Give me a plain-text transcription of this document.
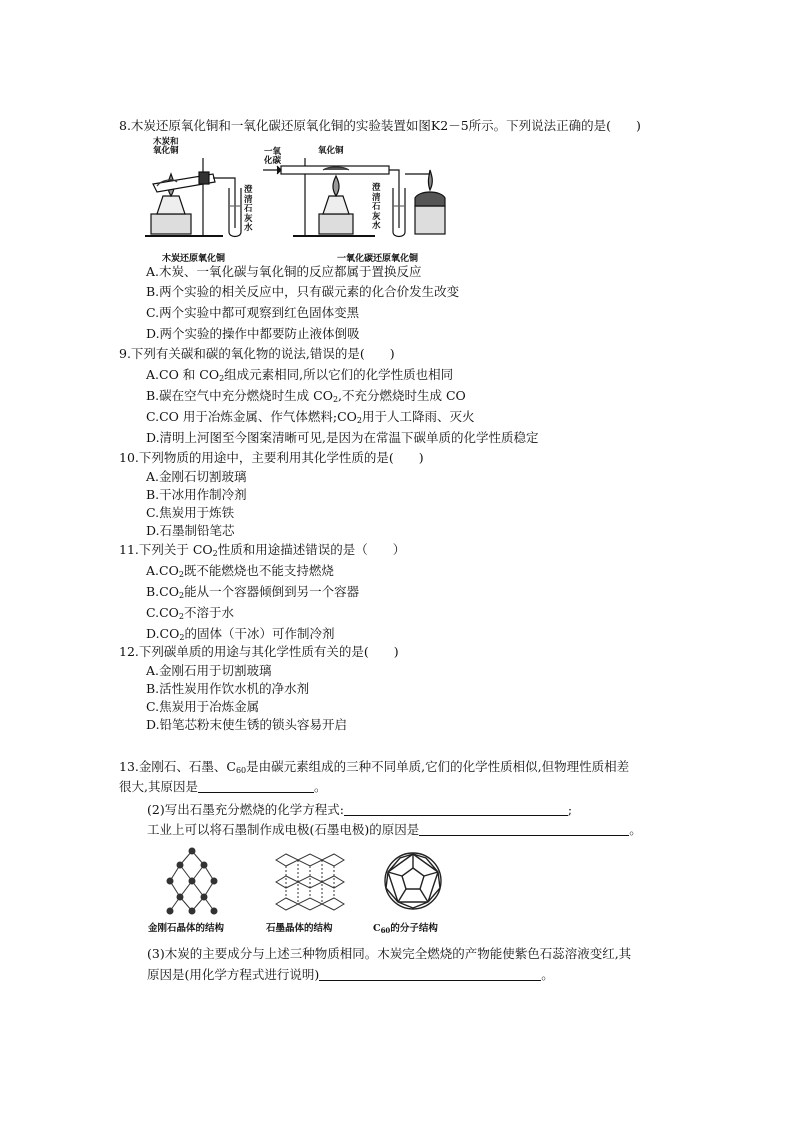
8.木炭还原氧化铜和一氧化碳还原氧化铜的实验装置如图K2－5所示。下列说法正确的是(　　)
木炭和
氧化铜
澄清石灰水
木炭还原氧化铜
一氧
化碳
氧化铜
澄清石灰水
一氧化碳还原氧化铜
A.木炭、一氧化碳与氧化铜的反应都属于置换反应
B.两个实验的相关反应中，只有碳元素的化合价发生改变
C.两个实验中都可观察到红色固体变黑
D.两个实验的操作中都要防止液体倒吸
9.下列有关碳和碳的氧化物的说法,错误的是(　　)
A.CO 和 $CO_2$组成元素相同,所以它们的化学性质也相同
B.碳在空气中充分燃烧时生成 $CO_2$,不充分燃烧时生成 CO
C.CO 用于冶炼金属、作气体燃料$;CO_2$用于人工降雨、灭火
D.清明上河图至今图案清晰可见,是因为在常温下碳单质的化学性质稳定
10.下列物质的用途中，主要利用其化学性质的是(　　)
A.金刚石切割玻璃
B.干冰用作制冷剂
C.焦炭用于炼铁
D.石墨制铅笔芯
11.下列关于 $CO_2$性质和用途描述错误的是（　　）
$A.CO_2$既不能燃烧也不能支持燃烧
$B.CO_2$能从一个容器倾倒到另一个容器
$C.CO_2$不溶于水
$D.CO_2$的固体（干冰）可作制冷剂
12.下列碳单质的用途与其化学性质有关的是(　　)
A.金刚石用于切割玻璃
B.活性炭用作饮水机的净水剂
C.焦炭用于冶炼金属
D.铅笔芯粉末使生锈的锁头容易开启
13.金刚石、石墨、$C_{60}$是由碳元素组成的三种不同单质,它们的化学性质相似,但物理性质相差
很大,其原因是	。
(2)写出石墨充分燃烧的化学方程式:	;
工业上可以将石墨制作成电极(石墨电极)的原因是	。
金刚石晶体的结构	石墨晶体的结构	$C_{60}$的分子结构
(3)木炭的主要成分与上述三种物质相同。木炭完全燃烧的产物能使紫色石蕊溶液变红,其
原因是(用化学方程式进行说明)	。
